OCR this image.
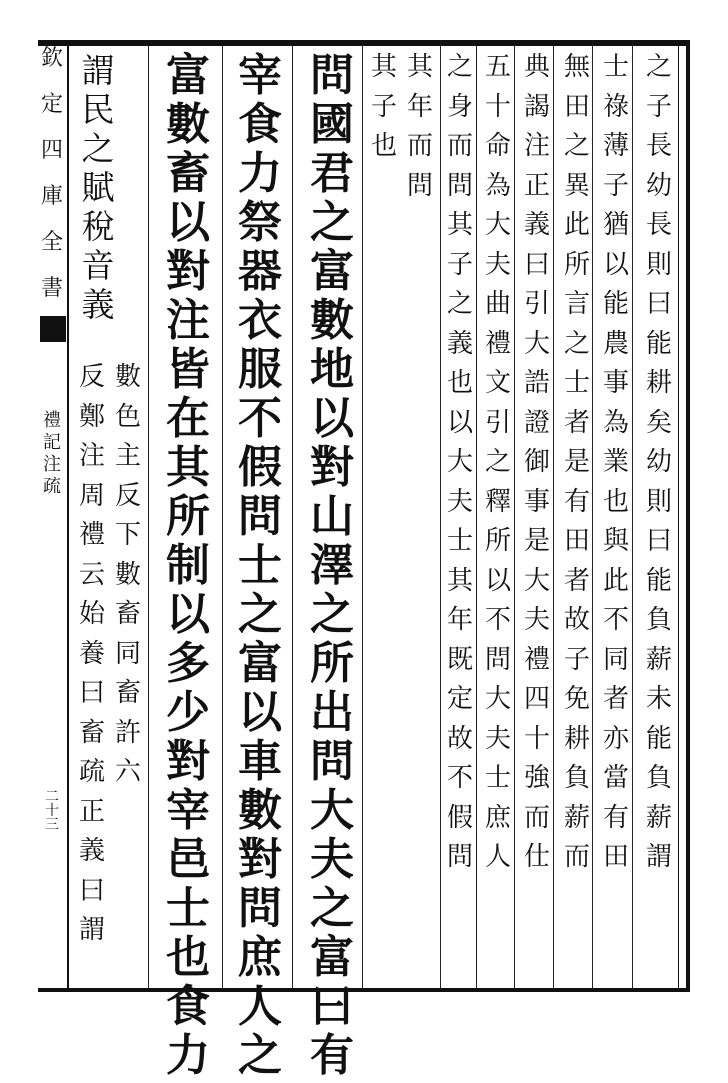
欽
定
四
庫
全
書
禮
記
注
疏
二
十
三
之
子
長
幼
長
則
曰
能
耕
矣
幼
則
曰
能
負
薪
未
能
負
薪
謂
士
祿
薄
子
猶
以
能
農
事
為
業
也
與
此
不
同
者
亦
當
有
田
無
田
之
異
此
所
言
之
士
者
是
有
田
者
故
子
免
耕
負
薪
而
典
謁
注
正
義
曰
引
大
誥
證
御
事
是
大
夫
禮
四
十
強
而
仕
五
十
命
為
大
夫
曲
禮
文
引
之
釋
所
以
不
問
大
夫
士
庶
人
之
身
而
問
其
子
之
義
也
以
大
夫
士
其
年
既
定
故
不
假
問
其
年
而
問
其
子
也
問
國
君
之
富
數
地
以
對
山
澤
之
所
出
問
大
夫
之
富
曰
有
宰
食
力
祭
器
衣
服
不
假
問
士
之
富
以
車
數
對
問
庶
人
之
富
數
畜
以
對
注
皆
在
其
所
制
以
多
少
對
宰
邑
士
也
食
力
謂
民
之
賦
稅
音
義
數
色
主
反
下
數
畜
同
畜
許
六
反
鄭
注
周
禮
云
始
養
曰
畜
疏
正
義
曰
謂
